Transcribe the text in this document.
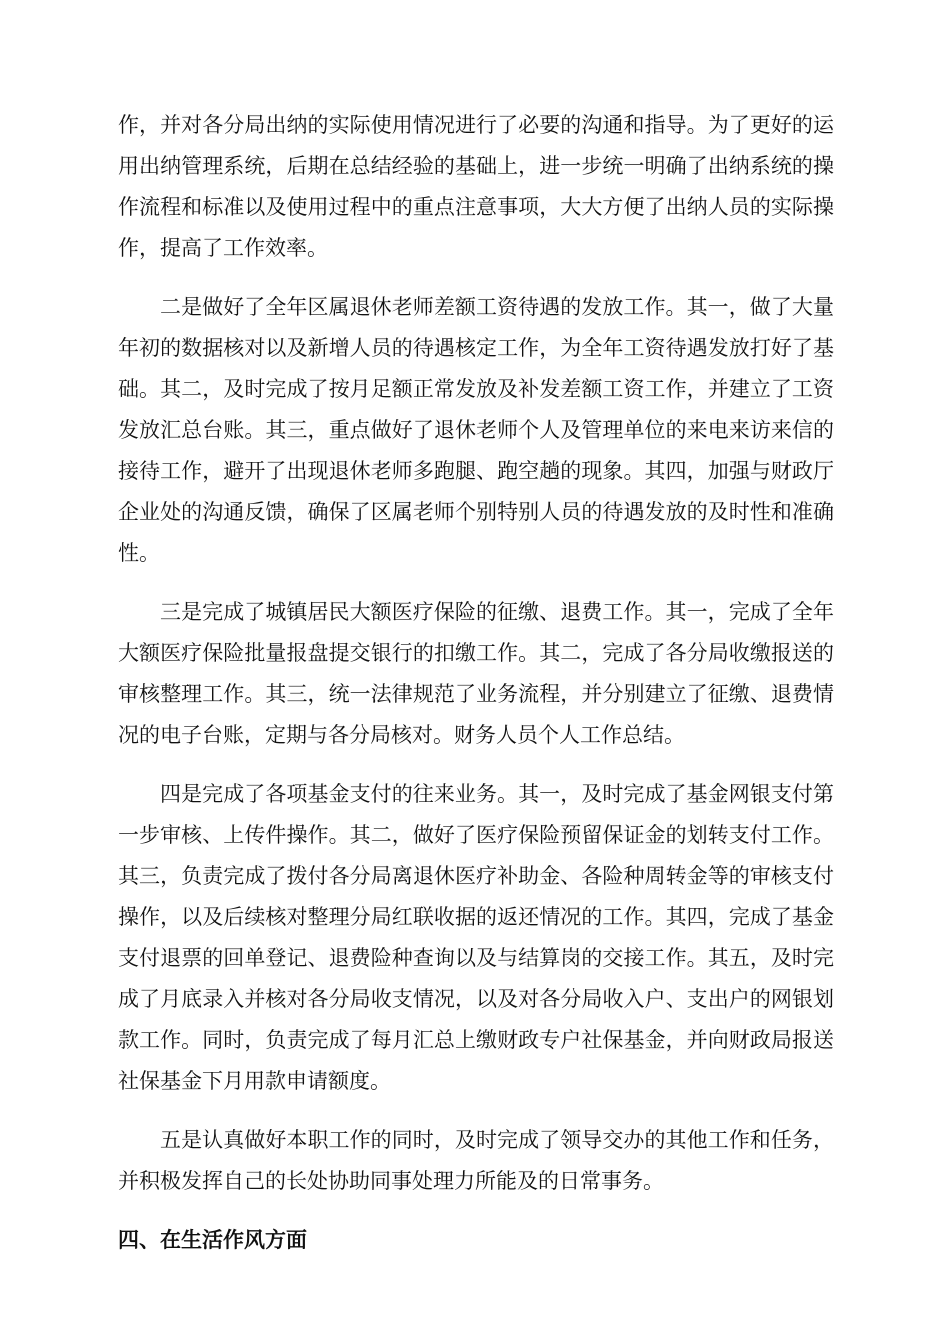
作，并对各分局出纳的实际使用情况进行了必要的沟通和指导。为了更好的运用出纳管理系统，后期在总结经验的基础上，进一步统一明确了出纳系统的操作流程和标准以及使用过程中的重点注意事项，大大方便了出纳人员的实际操作，提高了工作效率。

二是做好了全年区属退休老师差额工资待遇的发放工作。其一，做了大量年初的数据核对以及新增人员的待遇核定工作，为全年工资待遇发放打好了基础。其二，及时完成了按月足额正常发放及补发差额工资工作，并建立了工资发放汇总台账。其三，重点做好了退休老师个人及管理单位的来电来访来信的接待工作，避开了出现退休老师多跑腿、跑空趟的现象。其四，加强与财政厅企业处的沟通反馈，确保了区属老师个别特别人员的待遇发放的及时性和准确性。

三是完成了城镇居民大额医疗保险的征缴、退费工作。其一，完成了全年大额医疗保险批量报盘提交银行的扣缴工作。其二，完成了各分局收缴报送的审核整理工作。其三，统一法律规范了业务流程，并分别建立了征缴、退费情况的电子台账，定期与各分局核对。财务人员个人工作总结。

四是完成了各项基金支付的往来业务。其一，及时完成了基金网银支付第一步审核、上传件操作。其二，做好了医疗保险预留保证金的划转支付工作。其三，负责完成了拨付各分局离退休医疗补助金、各险种周转金等的审核支付操作，以及后续核对整理分局红联收据的返还情况的工作。其四，完成了基金支付退票的回单登记、退费险种查询以及与结算岗的交接工作。其五，及时完成了月底录入并核对各分局收支情况，以及对各分局收入户、支出户的网银划款工作。同时，负责完成了每月汇总上缴财政专户社保基金，并向财政局报送社保基金下月用款申请额度。

五是认真做好本职工作的同时，及时完成了领导交办的其他工作和任务，并积极发挥自己的长处协助同事处理力所能及的日常事务。

四、在生活作风方面
